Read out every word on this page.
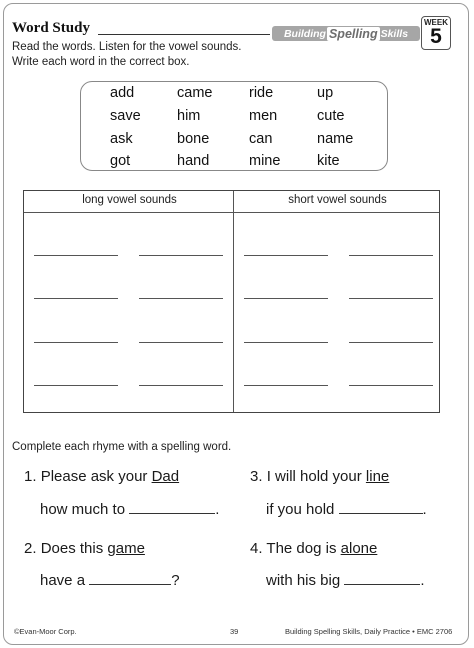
Word Study	Building Spelling Skills
WEEK
5
Read the words. Listen for the vowel sounds.
Write each word in the correct box.
add	came	ride	up
save	him	men	cute
ask	bone	can	name
got	hand	mine	kite
long vowel sounds	short vowel sounds
Complete each rhyme with a spelling word.
1. Please ask your Dad
how much to	.
2. Does this game
have a	?
3. I will hold your line
if you hold	.
4. The dog is alone
with his big	.
©Evan-Moor Corp.	39	Building Spelling Skills, Daily Practice • EMC 2706
